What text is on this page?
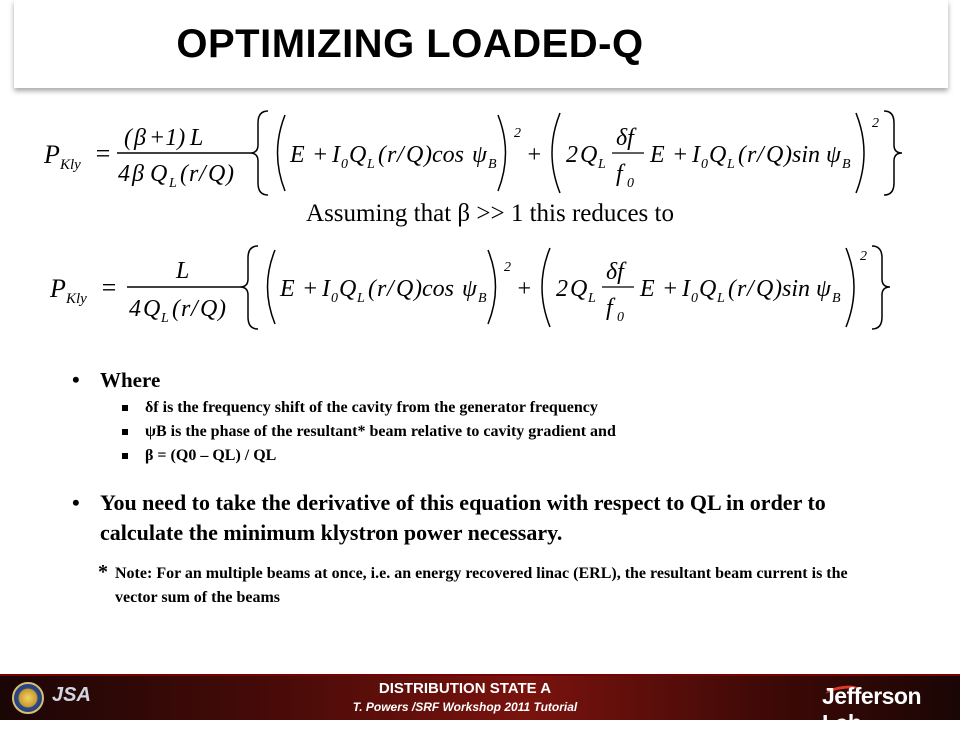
OPTIMIZING LOADED-Q
P Kly =
( β +1) L
4 β Q L ( r / Q )
E + I 0 Q L ( r / Q )cos ψ B
2
+ 2 Q L
δf
f 0
E + I 0 Q L ( r / Q )sin ψ B
2
Assuming that β >> 1 this reduces to
P Kly =
L
4 Q L ( r / Q )
E + I 0 Q L ( r / Q )cos ψ B
2
+ 2 Q L
δf
f 0
E + I 0 Q L ( r / Q )sin ψ B
2
• Where
δf is the frequency shift of the cavity from the generator frequency
ψB is the phase of the resultant* beam relative to cavity gradient and
β = (Q0 – QL) / QL
• You need to take the derivative of this equation with respect to QL in order to calculate the minimum klystron power necessary.
* Note: For an multiple beams at once, i.e. an energy recovered linac (ERL), the resultant beam current is the vector sum of the beams
JSA	DISTRIBUTION STATE A
T. Powers /SRF Workshop 2011 Tutorial	Jefferson Lab
